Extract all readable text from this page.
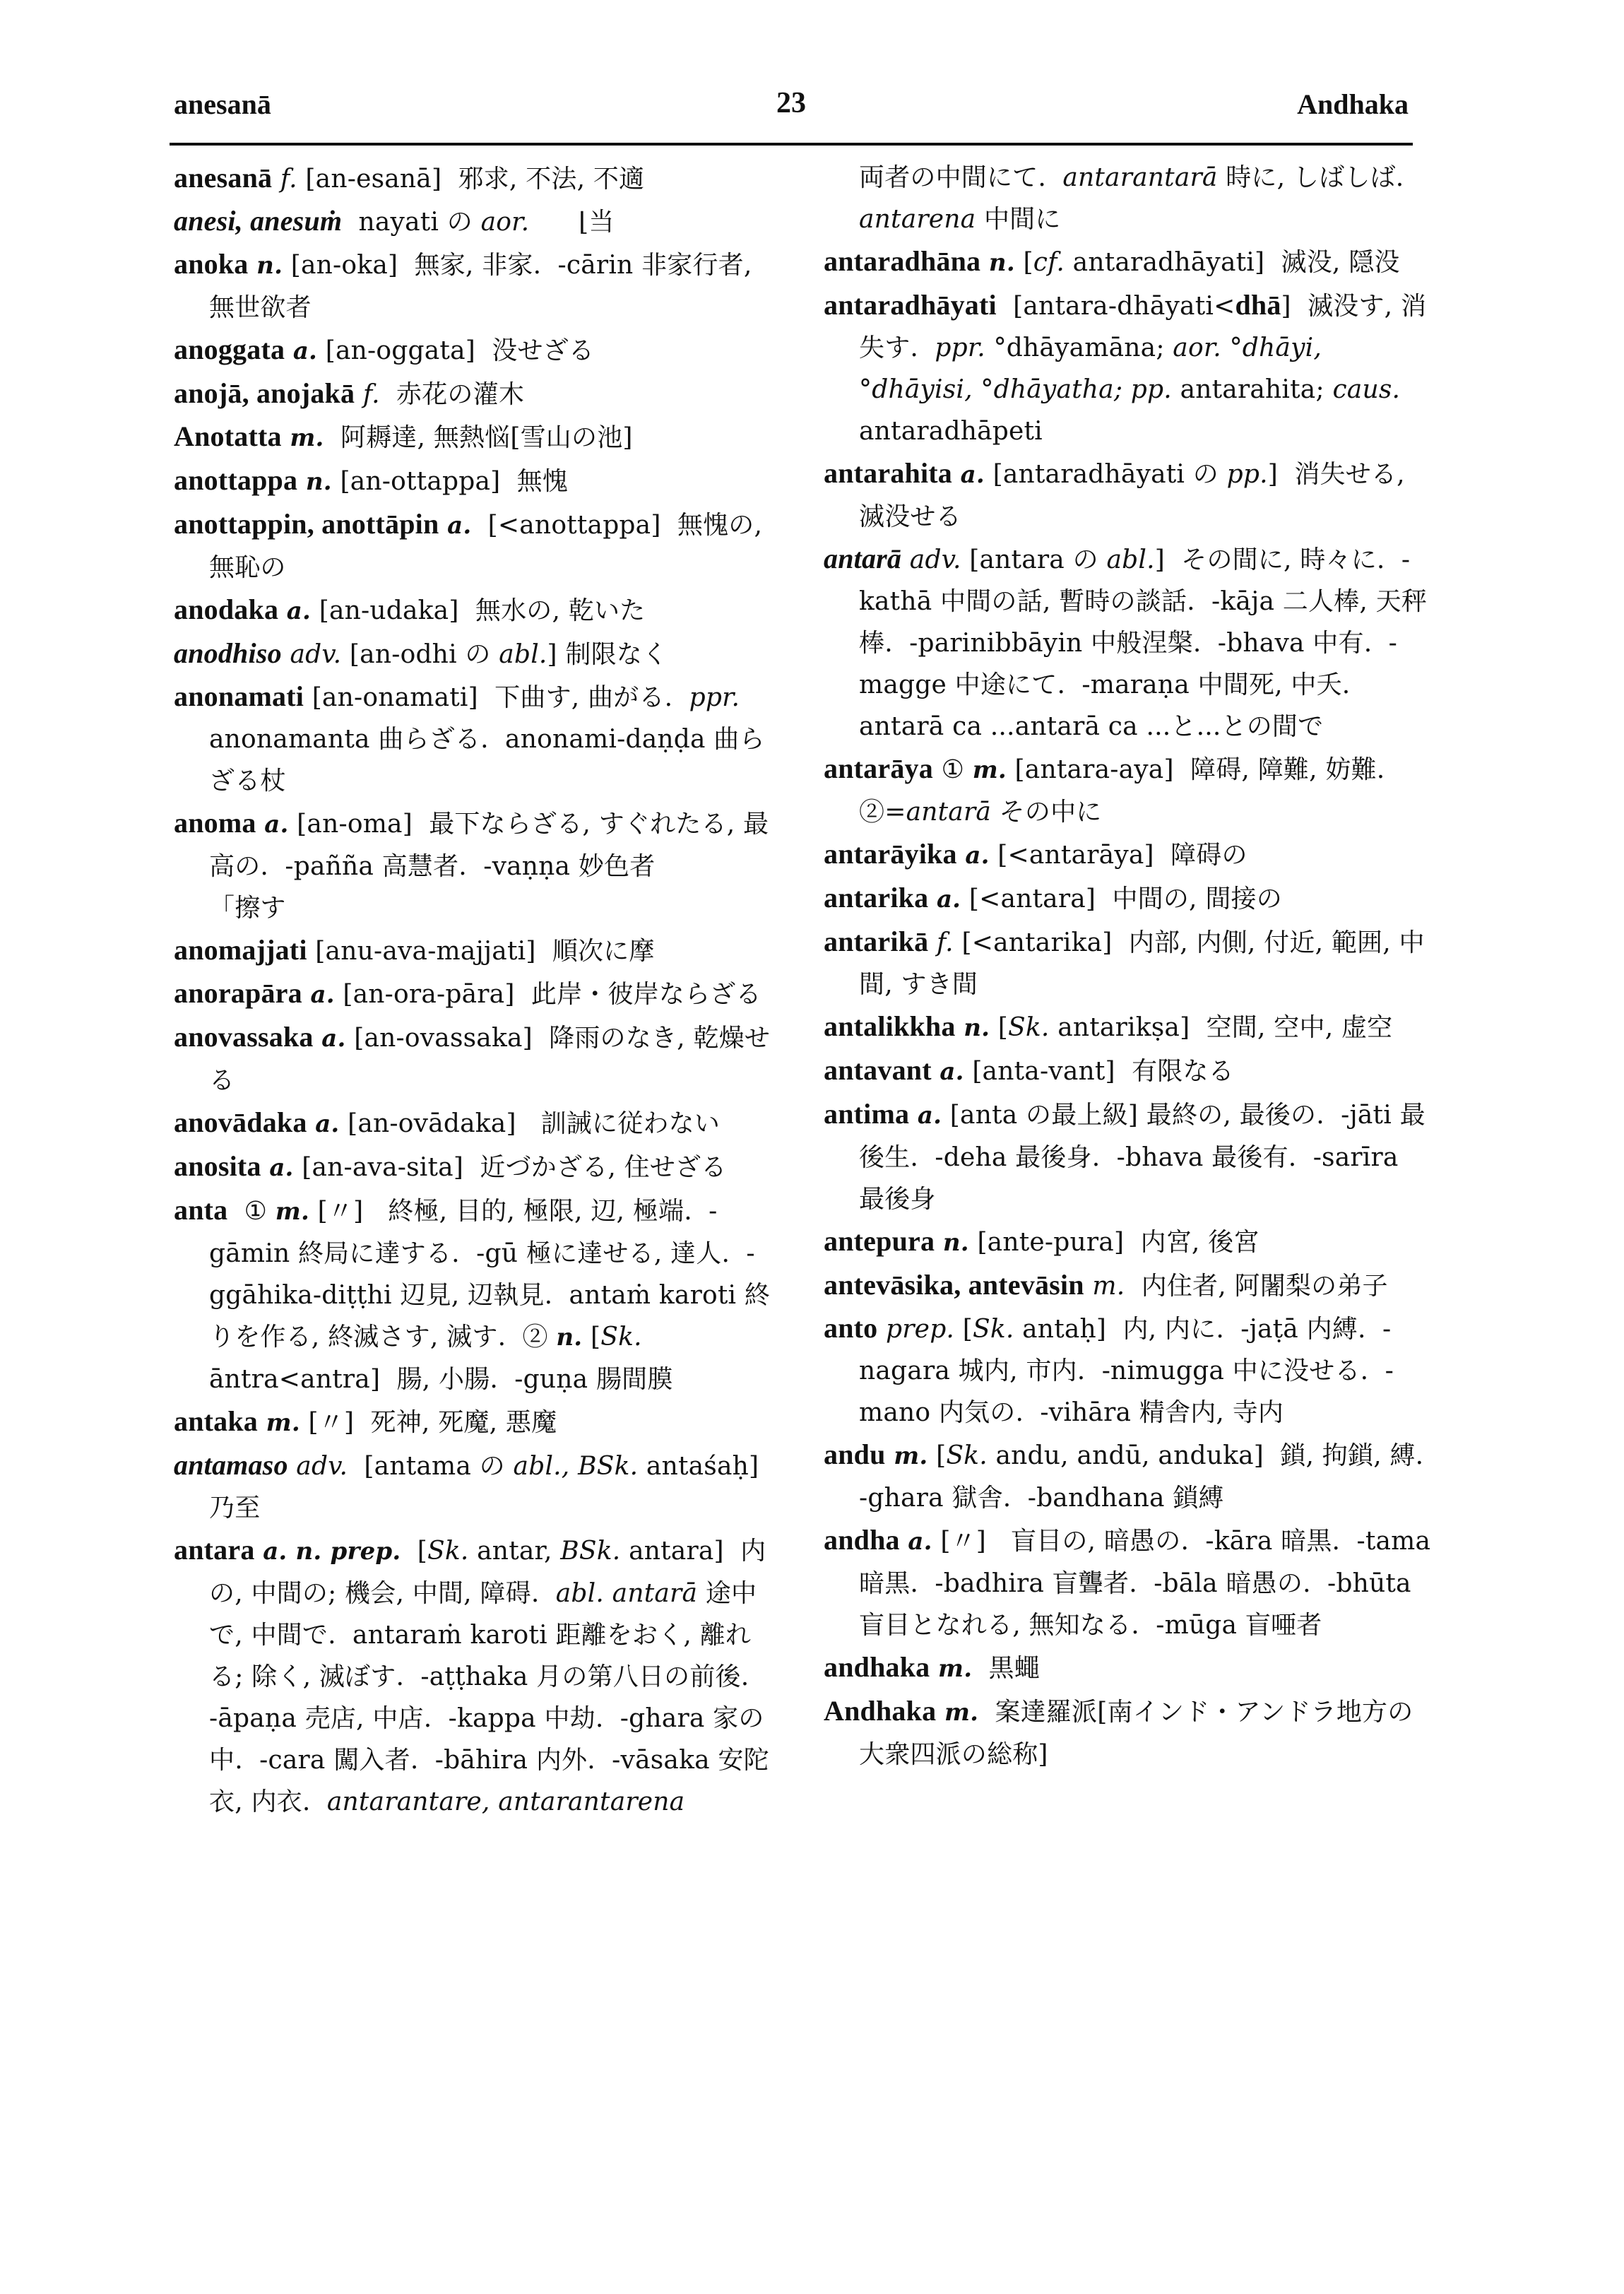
anesanā	23	Andhaka

anesanā f. [an-esanā]  邪求, 不法, 不適

anesi, anesuṁ  nayati の aor.      ⌊当

anoka n. [an-oka]  無家, 非家.  -cārin 非家行者, 無世欲者

anoggata a. [an-oggata]  没せざる

anojā, anojakā f.  赤花の灌木

Anotatta m.  阿耨達, 無熱悩[雪山の池]

anottappa n. [an-ottappa]  無愧

anottappin, anottāpin a.  [<anottappa]  無愧の, 無恥の

anodaka a. [an-udaka]  無水の, 乾いた

anodhiso adv. [an-odhi の abl.] 制限なく

anonamati [an-onamati]  下曲す, 曲がる.  ppr. anonamanta 曲らざる.  anonami-daṇḍa 曲らざる杖

anoma a. [an-oma]  最下ならざる, すぐれたる, 最高の.  -pañña 高慧者.  -vaṇṇa 妙色者                 「擦す

anomajjati [anu-ava-majjati]  順次に摩

anorapāra a. [an-ora-pāra]  此岸・彼岸ならざる

anovassaka a. [an-ovassaka]  降雨のなき, 乾燥せる

anovādaka a. [an-ovādaka]   訓誡に従わない

anosita a. [an-ava-sita]  近づかざる, 住せざる

anta  ① m. [〃]   終極, 目的, 極限, 辺, 極端.  -gāmin 終局に達する.  -gū 極に達せる, 達人.  -ggāhika-diṭṭhi 辺見, 辺執見.  antaṁ karoti 終りを作る, 終滅さす, 滅す.  ② n. [Sk. āntra<antra]  腸, 小腸.  -guṇa 腸間膜

antaka m. [〃]  死神, 死魔, 悪魔

antamaso adv.  [antama の abl., BSk. antaśaḥ]  乃至

antara a. n. prep.  [Sk. antar, BSk. antara]  内の, 中間の; 機会, 中間, 障碍.  abl. antarā 途中で, 中間で.  antaraṁ karoti 距離をおく, 離れる; 除く, 滅ぼす.  -aṭṭhaka 月の第八日の前後.  -āpaṇa 売店, 中店.  -kappa 中劫.  -ghara 家の中.  -cara 闖入者.  -bāhira 内外.  -vāsaka 安陀衣, 内衣.  antarantare, antarantarena

両者の中間にて.  antarantarā 時に, しばしば.  antarena 中間に

antaradhāna n. [cf. antaradhāyati]  滅没, 隠没

antaradhāyati  [antara-dhāyati<dhā]  滅没す, 消失す.  ppr. °dhāyamāna; aor. °dhāyi, °dhāyisi, °dhāyatha; pp. antarahita; caus. antaradhāpeti

antarahita a. [antaradhāyati の pp.]  消失せる, 滅没せる

antarā adv. [antara の abl.]  その間に, 時々に.  -kathā 中間の話, 暫時の談話.  -kāja 二人棒, 天秤棒.  -parinibbāyin 中般涅槃.  -bhava 中有.  -magge 中途にて.  -maraṇa 中間死, 中夭.  antarā ca ...antarā ca ...と...との間で

antarāya ① m. [antara-aya]  障碍, 障難, 妨難.  ②=antarā その中に

antarāyika a. [<antarāya]  障碍の

antarika a. [<antara]  中間の, 間接の

antarikā f. [<antarika]  内部, 内側, 付近, 範囲, 中間, すき間

antalikkha n. [Sk. antarikṣa]  空間, 空中, 虚空

antavant a. [anta-vant]  有限なる

antima a. [anta の最上級] 最終の, 最後の.  -jāti 最後生.  -deha 最後身.  -bhava 最後有.  -sarīra 最後身

antepura n. [ante-pura]  内宮, 後宮

antevāsika, antevāsin m.  内住者, 阿闍梨の弟子

anto prep. [Sk. antaḥ]  内, 内に.  -jaṭā 内縛.  -nagara 城内, 市内.  -nimugga 中に没せる.  -mano 内気の.  -vihāra 精舎内, 寺内

andu m. [Sk. andu, andū, anduka]  鎖, 拘鎖, 縛.  -ghara 獄舎.  -bandhana 鎖縛

andha a. [〃]   盲目の, 暗愚の.  -kāra 暗黒.  -tama 暗黒.  -badhira 盲聾者.  -bāla 暗愚の.  -bhūta 盲目となれる, 無知なる.  -mūga 盲唖者

andhaka m.  黒蠅

Andhaka m.  案達羅派[南インド・アンドラ地方の大衆四派の総称]
